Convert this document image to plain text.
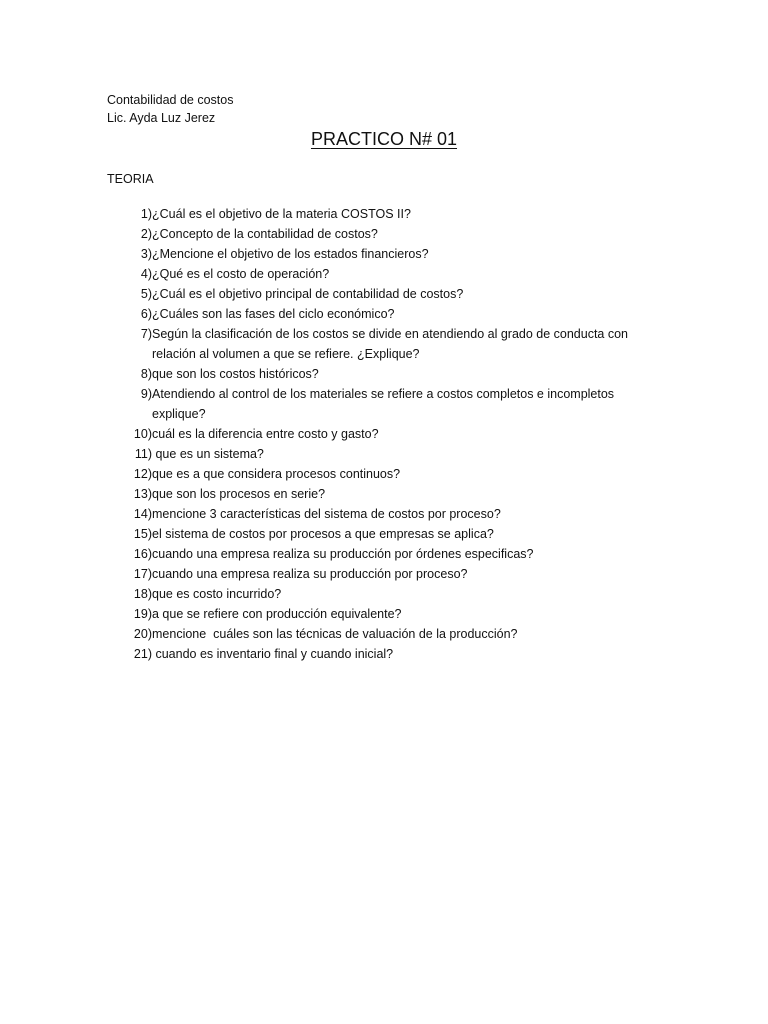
Contabilidad de costos
Lic. Ayda Luz Jerez
PRACTICO N# 01
TEORIA
1) ¿Cuál es el objetivo de la materia COSTOS II?
2) ¿Concepto de la contabilidad de costos?
3) ¿Mencione el objetivo de los estados financieros?
4) ¿Qué es el costo de operación?
5) ¿Cuál es el objetivo principal de contabilidad de costos?
6) ¿Cuáles son las fases del ciclo económico?
7) Según la clasificación de los costos se divide en atendiendo al grado de conducta con relación al volumen a que se refiere. ¿Explique?
8) que son los costos históricos?
9) Atendiendo al control de los materiales se refiere a costos completos e incompletos explique?
10) cuál es la diferencia entre costo y gasto?
11) que es un sistema?
12) que es a que considera procesos continuos?
13) que son los procesos en serie?
14) mencione 3 características del sistema de costos por proceso?
15) el sistema de costos por procesos a que empresas se aplica?
16) cuando una empresa realiza su producción por órdenes especificas?
17) cuando una empresa realiza su producción por proceso?
18) que es costo incurrido?
19) a que se refiere con producción equivalente?
20) mencione  cuáles son las técnicas de valuación de la producción?
21) cuando es inventario final y cuando inicial?
